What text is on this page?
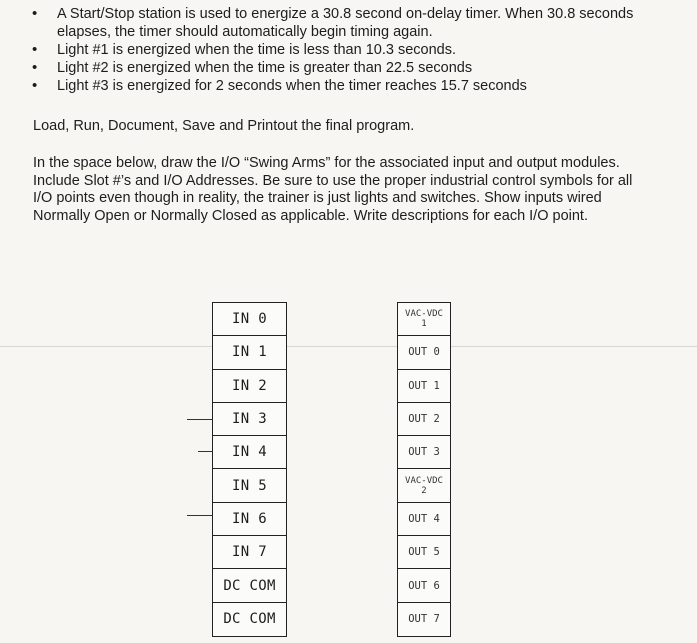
• A Start/Stop station is used to energize a 30.8 second on-delay timer. When 30.8 seconds elapses, the timer should automatically begin timing again.
• Light #1 is energized when the time is less than 10.3 seconds.
• Light #2 is energized when the time is greater than 22.5 seconds
• Light #3 is energized for 2 seconds when the timer reaches 15.7 seconds

Load, Run, Document, Save and Printout the final program.

In the space below, draw the I/O “Swing Arms” for the associated input and output modules. Include Slot #’s and I/O Addresses. Be sure to use the proper industrial control symbols for all I/O points even though in reality, the trainer is just lights and switches. Show inputs wired Normally Open or Normally Closed as applicable. Write descriptions for each I/O point.

IN 0
IN 1
IN 2
IN 3
IN 4
IN 5
IN 6
IN 7
DC COM
DC COM
VAC-VDC
1
OUT 0
OUT 1
OUT 2
OUT 3
VAC-VDC
2
OUT 4
OUT 5
OUT 6
OUT 7
